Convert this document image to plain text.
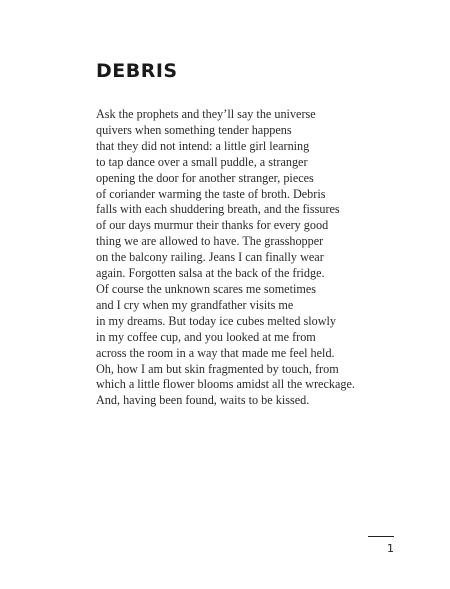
DEBRIS
Ask the prophets and they’ll say the universe
quivers when something tender happens
that they did not intend: a little girl learning
to tap dance over a small puddle, a stranger
opening the door for another stranger, pieces
of coriander warming the taste of broth. Debris
falls with each shuddering breath, and the fissures
of our days murmur their thanks for every good
thing we are allowed to have. The grasshopper
on the balcony railing. Jeans I can finally wear
again. Forgotten salsa at the back of the fridge.
Of course the unknown scares me sometimes
and I cry when my grandfather visits me
in my dreams. But today ice cubes melted slowly
in my coffee cup, and you looked at me from
across the room in a way that made me feel held.
Oh, how I am but skin fragmented by touch, from
which a little flower blooms amidst all the wreckage.
And, having been found, waits to be kissed.
1
